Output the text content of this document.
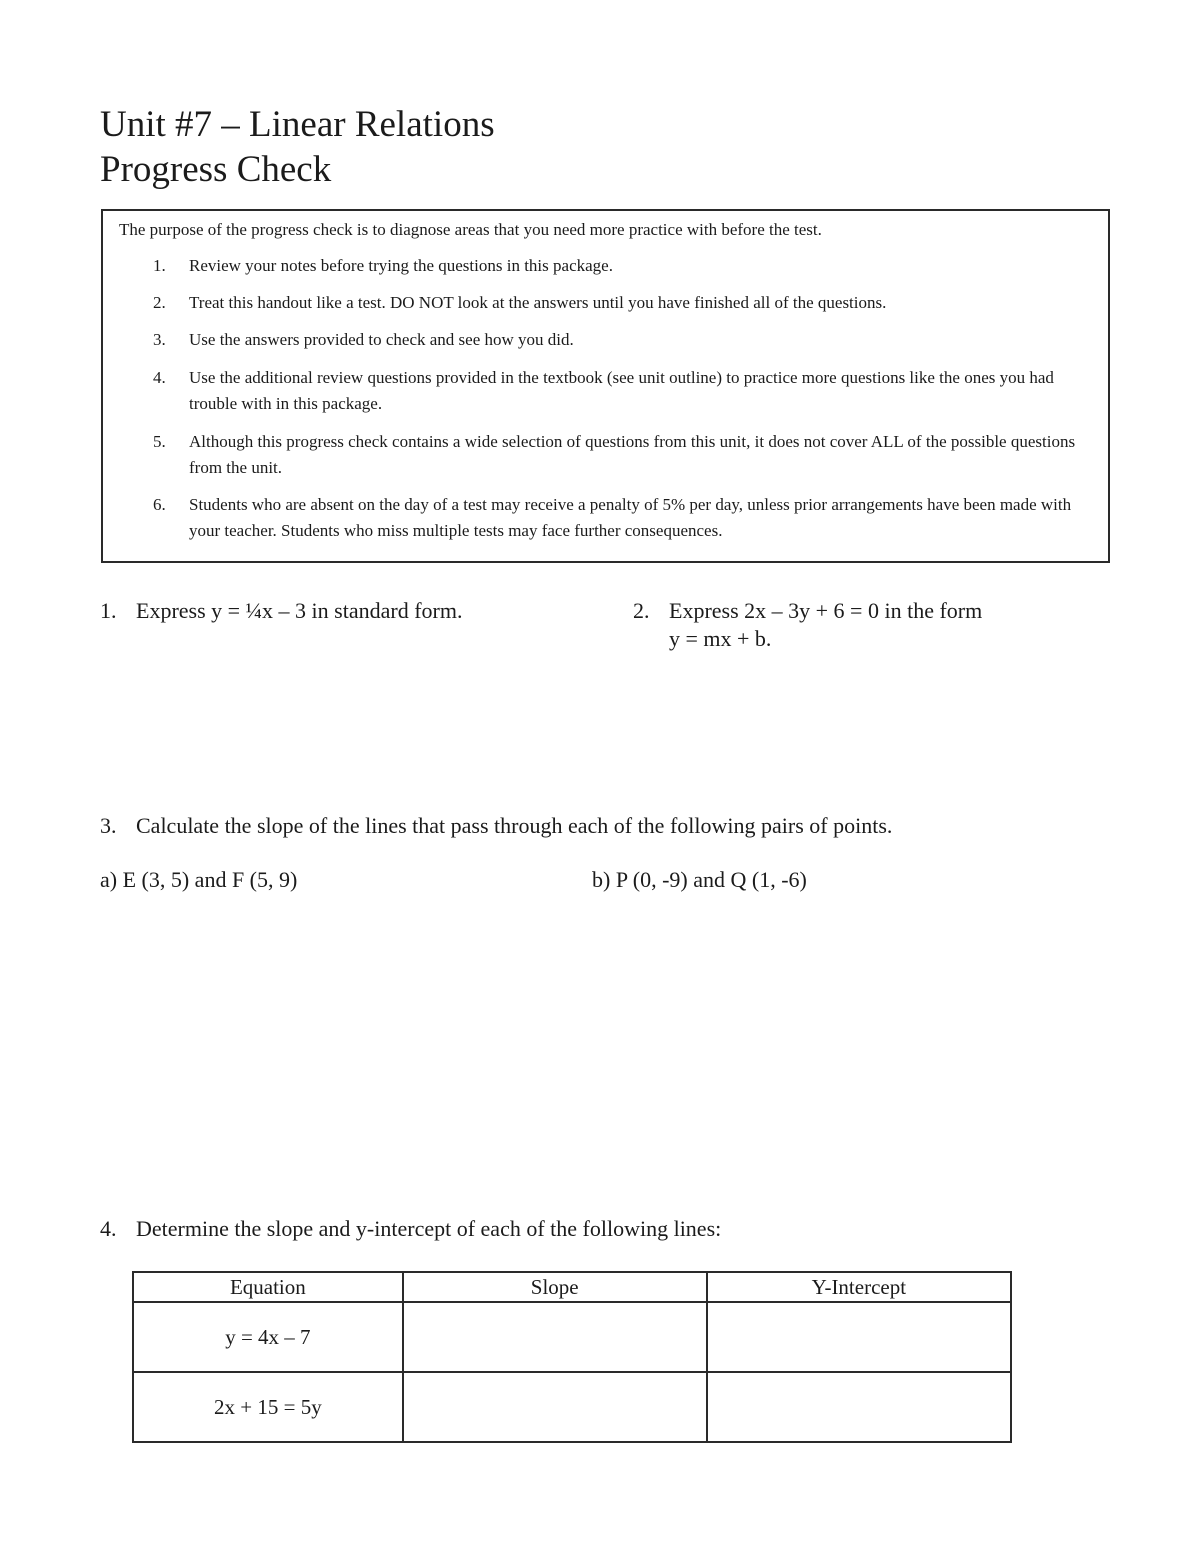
Unit #7 – Linear Relations
Progress Check
The purpose of the progress check is to diagnose areas that you need more practice with before the test.
1.	Review your notes before trying the questions in this package.
2.	Treat this handout like a test. DO NOT look at the answers until you have finished all of the questions.
3.	Use the answers provided to check and see how you did.
4.	Use the additional review questions provided in the textbook (see unit outline) to practice more questions like the ones you had trouble with in this package.
5.	Although this progress check contains a wide selection of questions from this unit, it does not cover ALL of the possible questions from the unit.
6.	Students who are absent on the day of a test may receive a penalty of 5% per day, unless prior arrangements have been made with your teacher. Students who miss multiple tests may face further consequences.
1. Express y = ¼x – 3 in standard form.	2. Express 2x – 3y + 6 = 0 in the form
y = mx + b.
3. Calculate the slope of the lines that pass through each of the following pairs of points.
a) E (3, 5) and F (5, 9)	b) P (0, -9) and Q (1, -6)
4. Determine the slope and y-intercept of each of the following lines:
Equation	Slope	Y-Intercept
y = 4x – 7		
2x + 15 = 5y		
